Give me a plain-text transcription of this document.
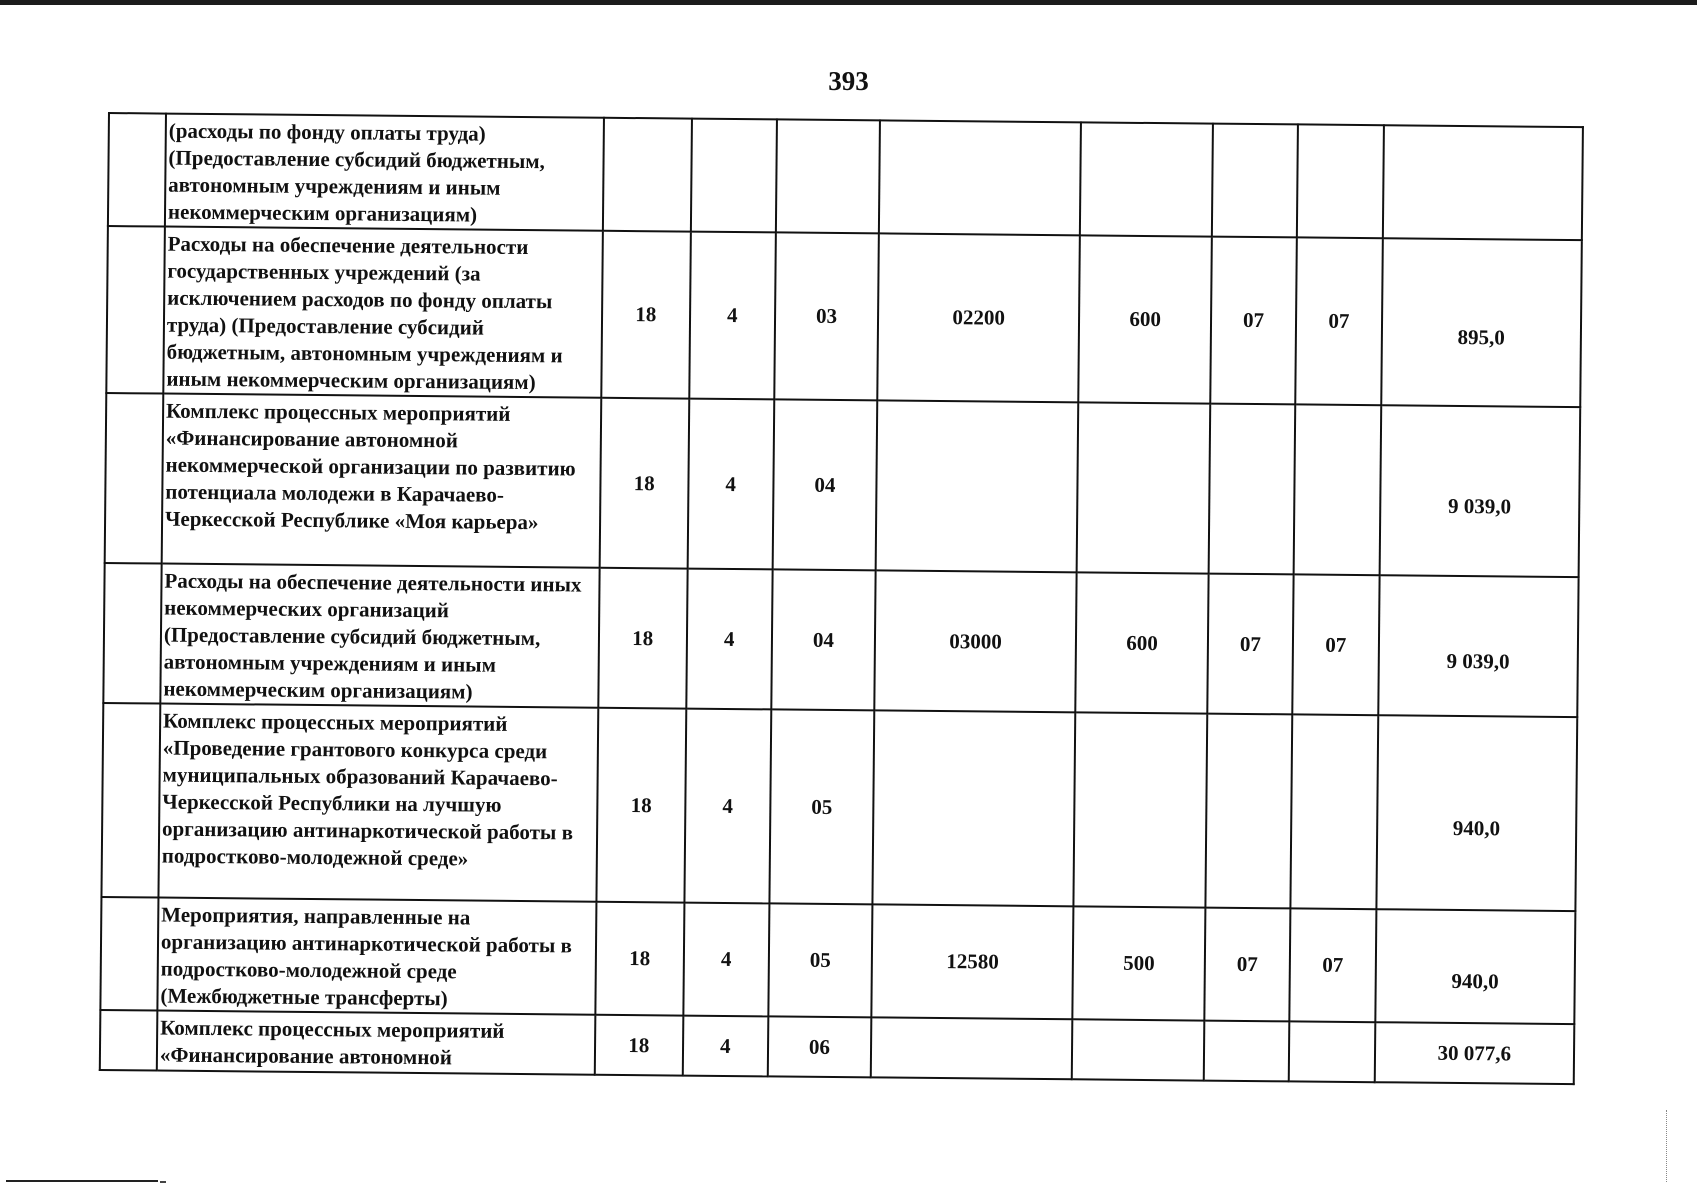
393
	(расходы по фонду оплаты труда) (Предоставление субсидий бюджетным, автономным учреждениям и иным некоммерческим организациям)								
	Расходы на обеспечение деятельности государственных учреждений (за исключением расходов по фонду оплаты труда) (Предоставление субсидий бюджетным, автономным учреждениям и иным некоммерческим организациям)	18	4	03	02200	600	07	07	895,0
	Комплекс процессных мероприятий «Финансирование автономной некоммерческой организации по развитию потенциала молодежи в Карачаево-Черкесской Республике «Моя карьера»	18	4	04					9 039,0
	Расходы на обеспечение деятельности иных некоммерческих организаций (Предоставление субсидий бюджетным, автономным учреждениям и иным некоммерческим организациям)	18	4	04	03000	600	07	07	9 039,0
	Комплекс процессных мероприятий «Проведение грантового конкурса среди муниципальных образований Карачаево-Черкесской Республики на лучшую организацию антинаркотической работы в подростково-молодежной среде»	18	4	05					940,0
	Мероприятия, направленные на организацию антинаркотической работы в подростково-молодежной среде (Межбюджетные трансферты)	18	4	05	12580	500	07	07	940,0
	Комплекс процессных мероприятий «Финансирование автономной	18	4	06					30 077,6
